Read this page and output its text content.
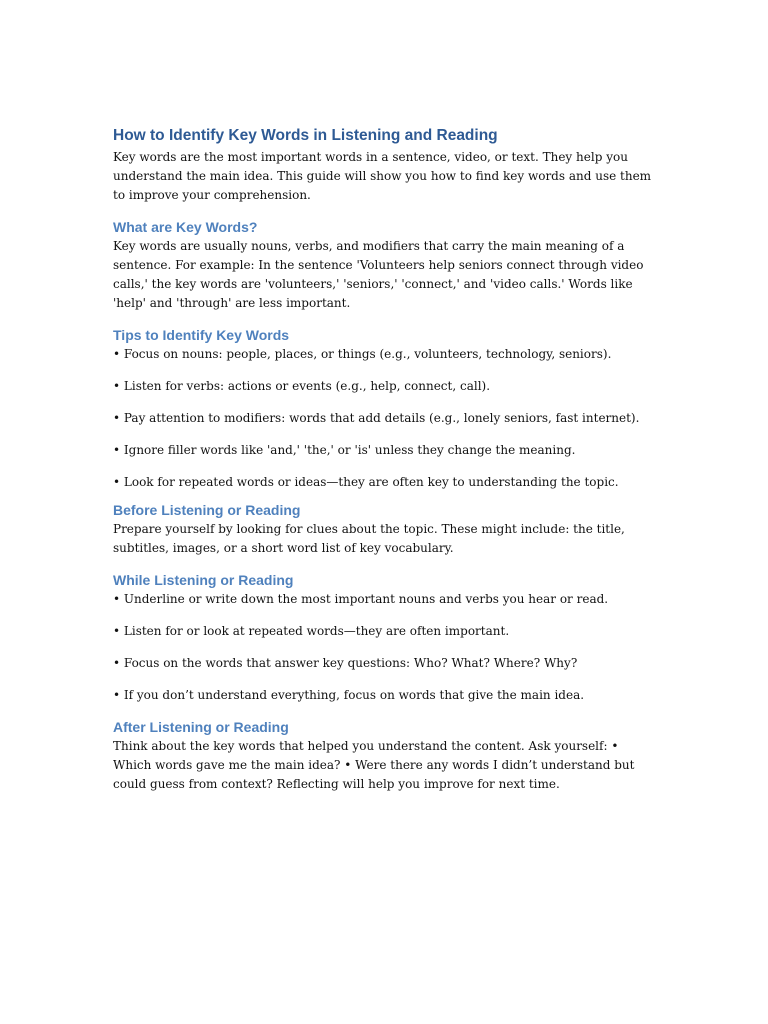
How to Identify Key Words in Listening and Reading

Key words are the most important words in a sentence, video, or text. They help you understand the main idea. This guide will show you how to find key words and use them to improve your comprehension.

What are Key Words?

Key words are usually nouns, verbs, and modifiers that carry the main meaning of a sentence. For example: In the sentence 'Volunteers help seniors connect through video calls,' the key words are 'volunteers,' 'seniors,' 'connect,' and 'video calls.' Words like 'help' and 'through' are less important.

Tips to Identify Key Words
• Focus on nouns: people, places, or things (e.g., volunteers, technology, seniors).
• Listen for verbs: actions or events (e.g., help, connect, call).
• Pay attention to modifiers: words that add details (e.g., lonely seniors, fast internet).
• Ignore filler words like 'and,' 'the,' or 'is' unless they change the meaning.
• Look for repeated words or ideas—they are often key to understanding the topic.
Before Listening or Reading

Prepare yourself by looking for clues about the topic. These might include: the title, subtitles, images, or a short word list of key vocabulary.

While Listening or Reading
• Underline or write down the most important nouns and verbs you hear or read.
• Listen for or look at repeated words—they are often important.
• Focus on the words that answer key questions: Who? What? Where? Why?
• If you don’t understand everything, focus on words that give the main idea.
After Listening or Reading

Think about the key words that helped you understand the content. Ask yourself: • Which words gave me the main idea? • Were there any words I didn’t understand but could guess from context? Reflecting will help you improve for next time.
